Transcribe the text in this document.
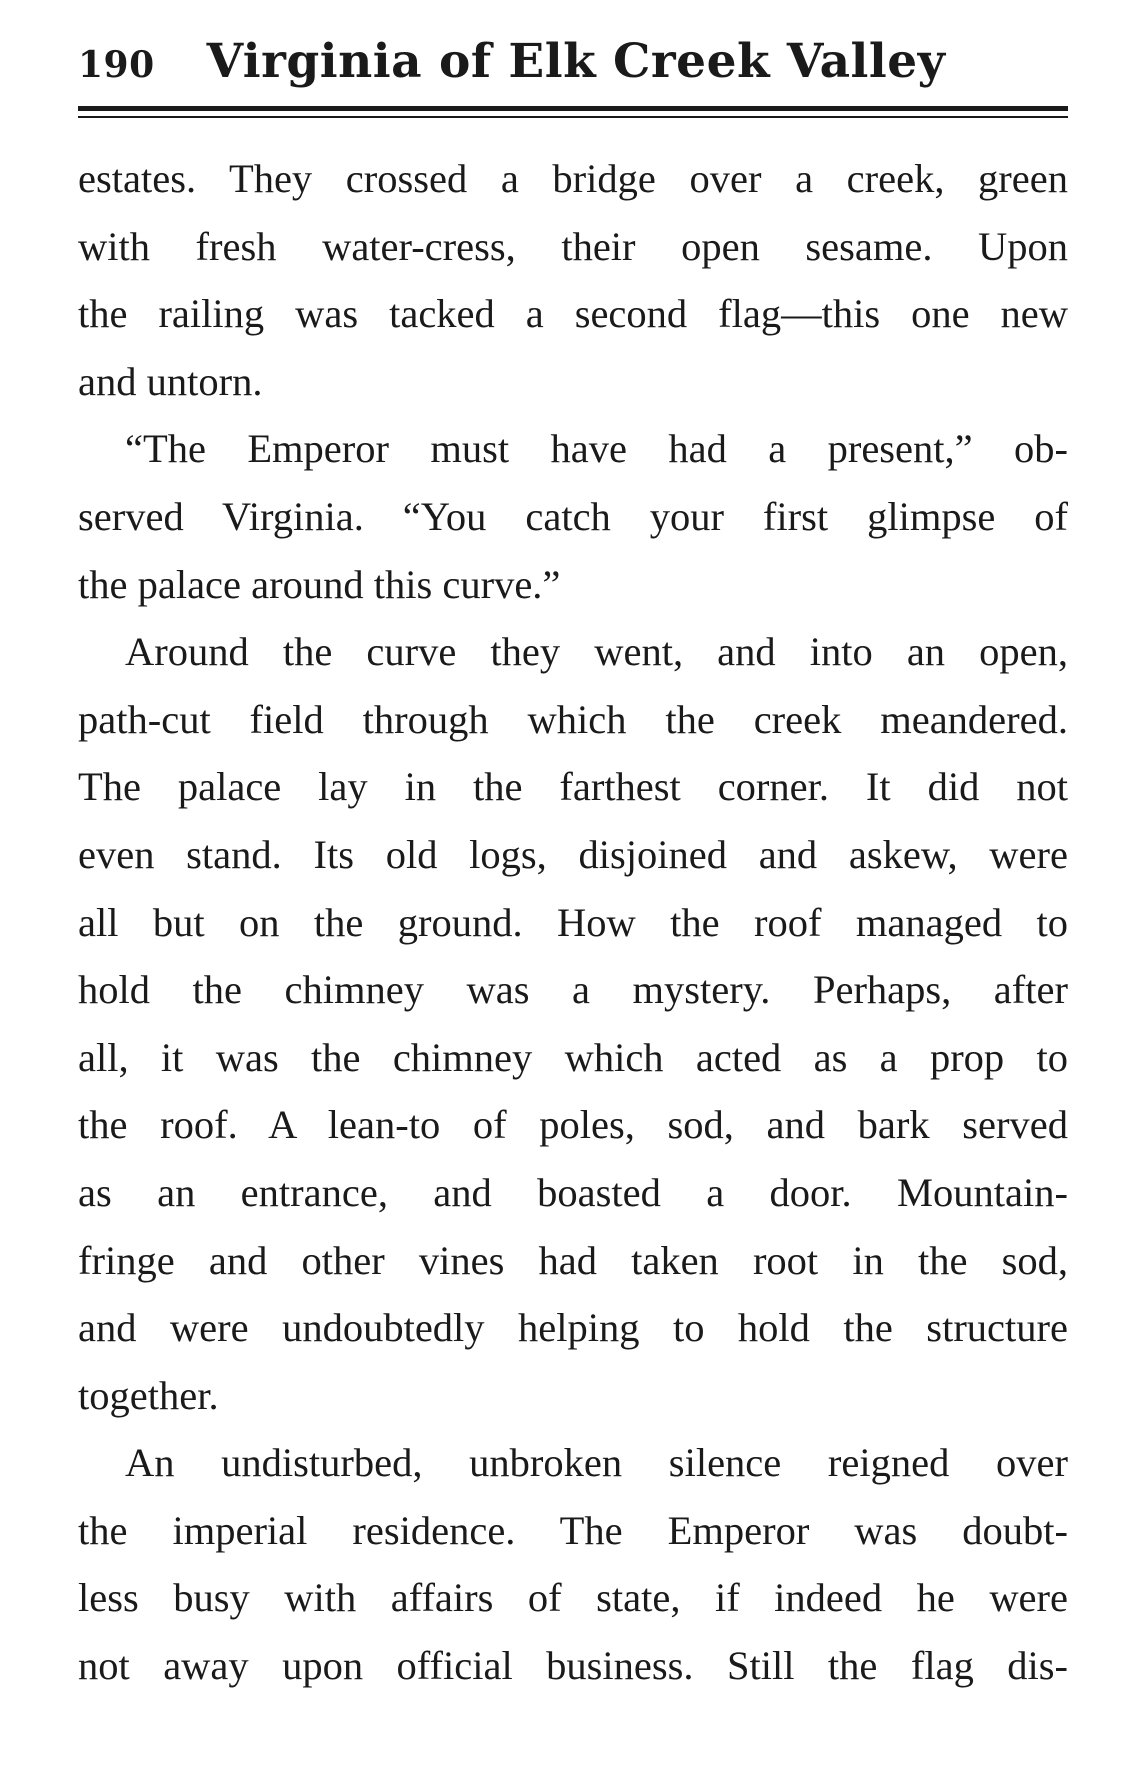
190 Virginia of Elk Creek Valley
estates. They crossed a bridge over a creek, green
with fresh water-cress, their open sesame. Upon
the railing was tacked a second flag—this one new
and untorn.
“The Emperor must have had a present,” ob-
served Virginia. “You catch your first glimpse of
the palace around this curve.”
Around the curve they went, and into an open,
path-cut field through which the creek meandered.
The palace lay in the farthest corner. It did not
even stand. Its old logs, disjoined and askew, were
all but on the ground. How the roof managed to
hold the chimney was a mystery. Perhaps, after
all, it was the chimney which acted as a prop to
the roof. A lean-to of poles, sod, and bark served
as an entrance, and boasted a door. Mountain-
fringe and other vines had taken root in the sod,
and were undoubtedly helping to hold the structure
together.
An undisturbed, unbroken silence reigned over
the imperial residence. The Emperor was doubt-
less busy with affairs of state, if indeed he were
not away upon official business. Still the flag dis-
